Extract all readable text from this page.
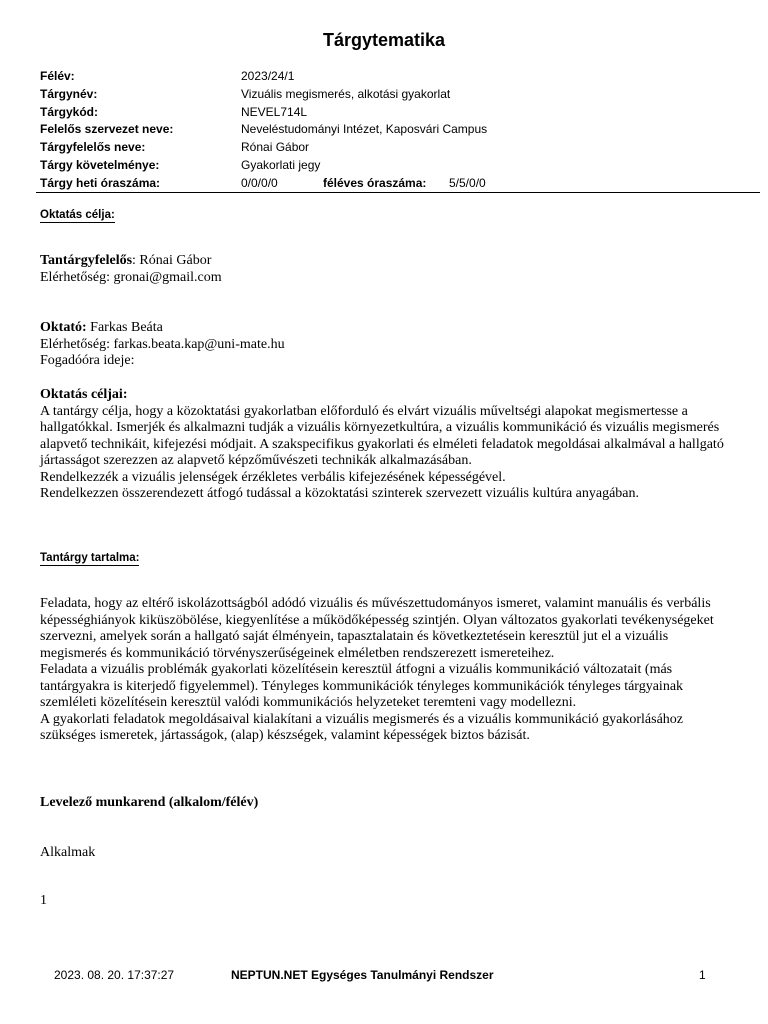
Tárgytematika
Félév:	2023/24/1
Tárgynév:	Vizuális megismerés, alkotási gyakorlat
Tárgykód:	NEVEL714L
Felelős szervezet neve:	Neveléstudományi Intézet, Kaposvári Campus
Tárgyfelelős neve:	Rónai Gábor
Tárgy követelménye:	Gyakorlati jegy
Tárgy heti óraszáma:	0/0/0/0	féléves óraszáma: 5/5/0/0
Oktatás célja:
Tantárgyfelelős: Rónai Gábor
Elérhetőség: gronai@gmail.com
Oktató: Farkas Beáta
Elérhetőség: farkas.beata.kap@uni-mate.hu
Fogadóóra ideje:
Oktatás céljai:

A tantárgy célja, hogy a közoktatási gyakorlatban előforduló és elvárt vizuális műveltségi alapokat megismertesse a hallgatókkal. Ismerjék és alkalmazni tudják a vizuális környezetkultúra, a vizuális kommunikáció és vizuális megismerés alapvető technikáit, kifejezési módjait. A szakspecifikus gyakorlati és elméleti feladatok megoldásai alkalmával a hallgató jártasságot szerezzen az alapvető képzőművészeti technikák alkalmazásában.

Rendelkezzék a vizuális jelenségek érzékletes verbális kifejezésének képességével.

Rendelkezzen összerendezett átfogó tudással a közoktatási szinterek szervezett vizuális kultúra anyagában.

Tantárgy tartalma:

Feladata, hogy az eltérő iskolázottságból adódó vizuális és művészettudományos ismeret, valamint manuális és verbális képességhiányok kiküszöbölése, kiegyenlítése a működőképesség szintjén. Olyan változatos gyakorlati tevékenységeket szervezni, amelyek során a hallgató saját élményein, tapasztalatain és következtetésein keresztül jut el a vizuális megismerés és kommunikáció törvényszerűségeinek elméletben rendszerezett ismereteihez.

Feladata a vizuális problémák gyakorlati közelítésein keresztül átfogni a vizuális kommunikáció változatait (más tantárgyakra is kiterjedő figyelemmel). Tényleges kommunikációk tényleges kommunikációk tényleges tárgyainak szemléleti közelítésein keresztül valódi kommunikációs helyzeteket teremteni vagy modellezni.

A gyakorlati feladatok megoldásaival kialakítani a vizuális megismerés és a vizuális kommunikáció gyakorlásához szükséges ismeretek, jártasságok, (alap) készségek, valamint képességek biztos bázisát.

Levelező munkarend (alkalom/félév)
Alkalmak
1
2023. 08. 20. 17:37:27	NEPTUN.NET Egységes Tanulmányi Rendszer	1
